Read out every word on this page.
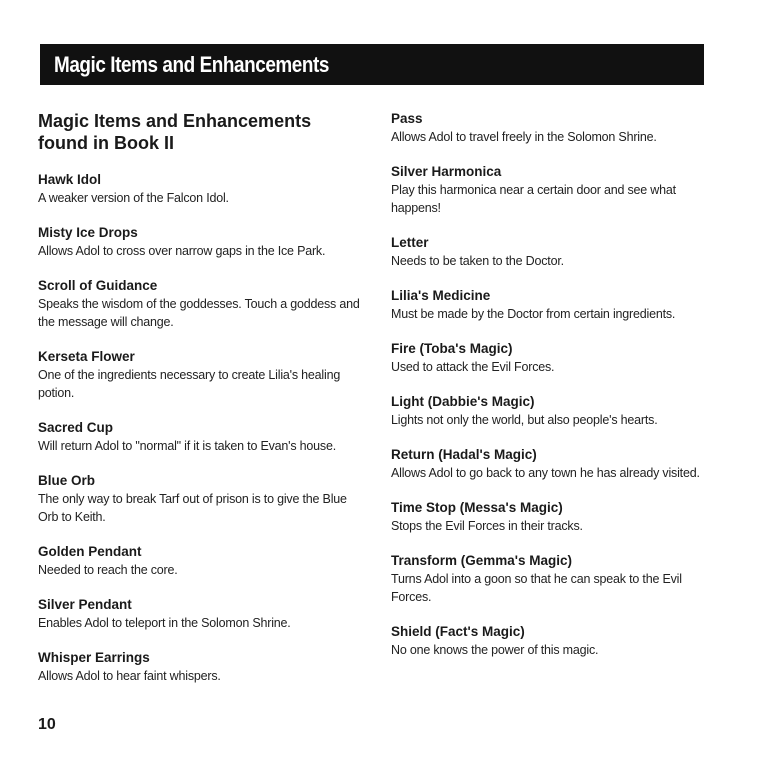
Magic Items and Enhancements
Magic Items and Enhancements
found in Book II
Hawk Idol

A weaker version of the Falcon Idol.

Misty Ice Drops

Allows Adol to cross over narrow gaps in the Ice Park.

Scroll of Guidance

Speaks the wisdom of the goddesses. Touch a goddess and the message will change.

Kerseta Flower

One of the ingredients necessary to create Lilia's healing potion.

Sacred Cup

Will return Adol to "normal" if it is taken to Evan's house.

Blue Orb

The only way to break Tarf out of prison is to give the Blue Orb to Keith.

Golden Pendant

Needed to reach the core.

Silver Pendant

Enables Adol to teleport in the Solomon Shrine.

Whisper Earrings

Allows Adol to hear faint whispers.

Pass

Allows Adol to travel freely in the Solomon Shrine.

Silver Harmonica

Play this harmonica near a certain door and see what happens!

Letter

Needs to be taken to the Doctor.

Lilia's Medicine

Must be made by the Doctor from certain ingredients.

Fire (Toba's Magic)

Used to attack the Evil Forces.

Light (Dabbie's Magic)

Lights not only the world, but also people's hearts.

Return (Hadal's Magic)

Allows Adol to go back to any town he has already visited.

Time Stop (Messa's Magic)

Stops the Evil Forces in their tracks.

Transform (Gemma's Magic)

Turns Adol into a goon so that he can speak to the Evil Forces.

Shield (Fact's Magic)

No one knows the power of this magic.

10
